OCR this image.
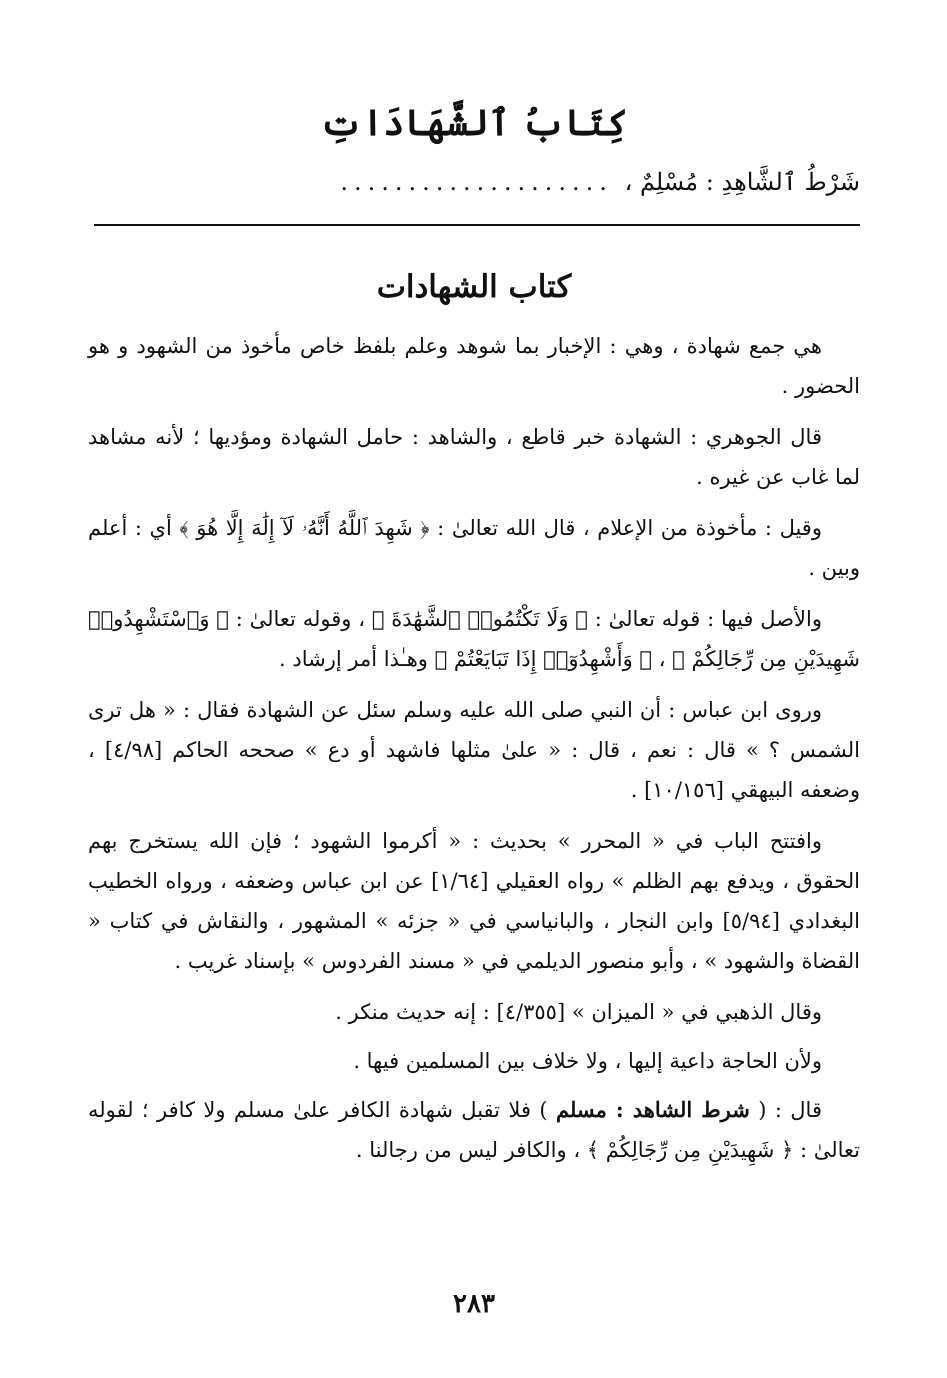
كِتَابُ ٱلشَّهَادَاتِ
شَرْطُ ٱلشَّاهِدِ : مُسْلِمٌ ، ....................
كتاب الشهادات

هي جمع شهادة ، وهي : الإخبار بما شوهد وعلم بلفظ خاص مأخوذ من الشهود و هو الحضور .

قال الجوهري : الشهادة خبر قاطع ، والشاهد : حامل الشهادة ومؤديها ؛ لأنه مشاهد لما غاب عن غيره .

وقيل : مأخوذة من الإعلام ، قال الله تعالىٰ : ﴿ شَهِدَ ٱللَّهُ أَنَّهُۥ لَآ إِلَٰهَ إِلَّا هُوَ ﴾ أي : أعلم وبين .

والأصل فيها : قوله تعالىٰ : ﴿ وَلَا تَكْتُمُوا۟ ٱلشَّهَٰدَةَ ﴾ ، وقوله تعالىٰ : ﴿ وَٱسْتَشْهِدُوا۟ شَهِيدَيْنِ مِن رِّجَالِكُمْ ﴾ ، ﴿ وَأَشْهِدُوٓا۟ إِذَا تَبَايَعْتُمْ ﴾ وهـٰذا أمر إرشاد .

وروى ابن عباس : أن النبي صلى الله عليه وسلم سئل عن الشهادة فقال : « هل ترى الشمس ؟ » قال : نعم ، قال : « علىٰ مثلها فاشهد أو دع » صححه الحاكم [٤/٩٨] ، وضعفه البيهقي [١٠/١٥٦] .

وافتتح الباب في « المحرر » بحديث : « أكرموا الشهود ؛ فإن الله يستخرج بهم الحقوق ، ويدفع بهم الظلم » رواه العقيلي [١/٦٤] عن ابن عباس وضعفه ، ورواه الخطيب البغدادي [٥/٩٤] وابن النجار ، والبانياسي في « جزئه » المشهور ، والنقاش في كتاب « القضاة والشهود » ، وأبو منصور الديلمي في « مسند الفردوس » بإسناد غريب .

وقال الذهبي في « الميزان » [٤/٣٥٥] : إنه حديث منكر .

ولأن الحاجة داعية إليها ، ولا خلاف بين المسلمين فيها .

قال : ( شرط الشاهد : مسلم ) فلا تقبل شهادة الكافر علىٰ مسلم ولا كافر ؛ لقوله تعالىٰ : ﴿ شَهِيدَيْنِ مِن رِّجَالِكُمْ ﴾ ، والكافر ليس من رجالنا .

٢٨٣
